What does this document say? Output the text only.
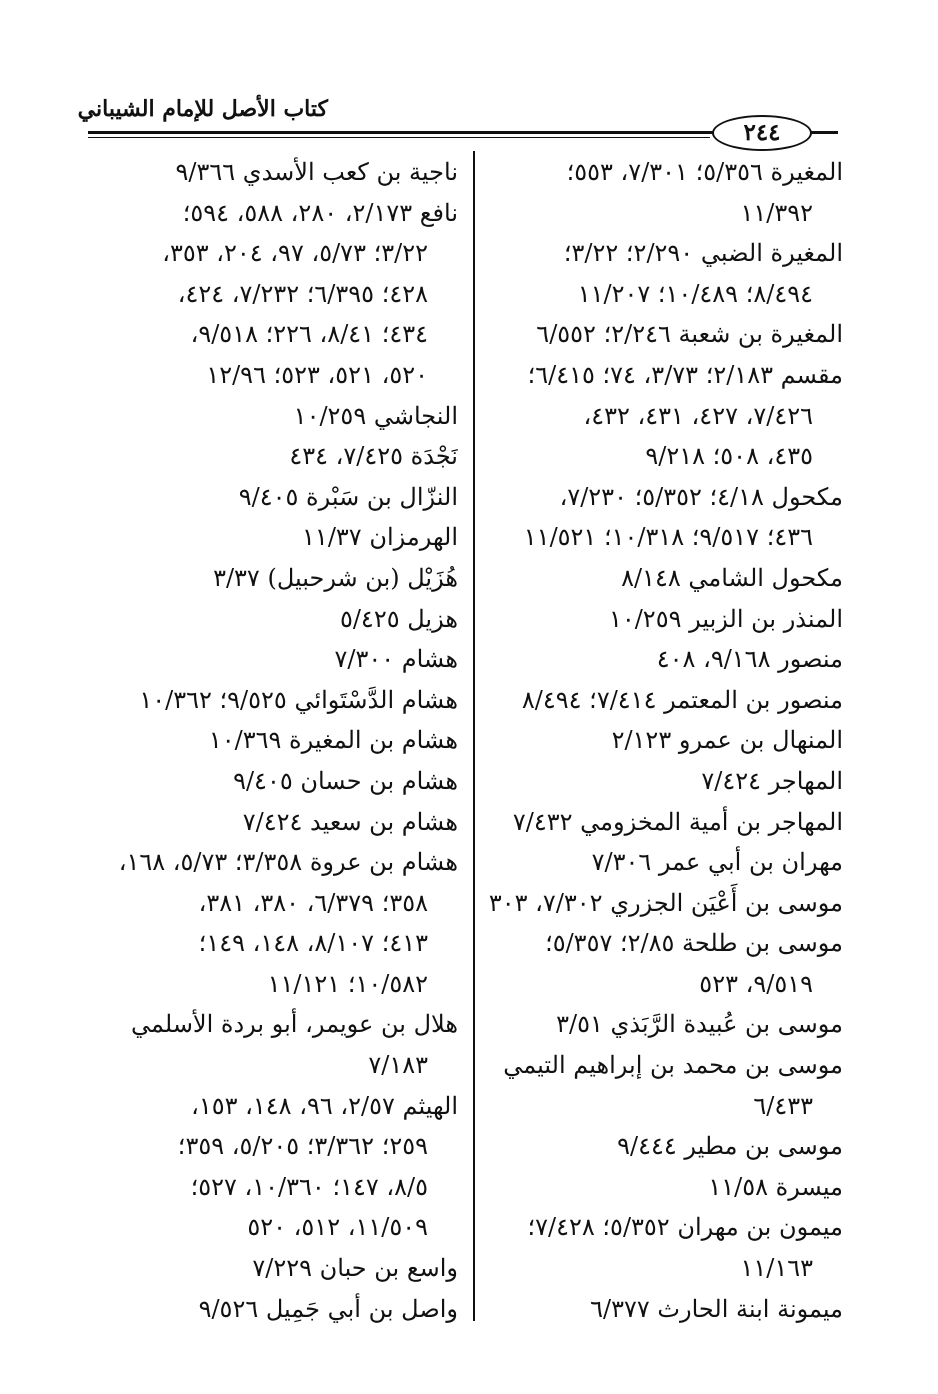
كتاب الأصل للإمام الشيباني
٢٤٤
المغيرة ٥/٣٥٦؛ ٧/٣٠١، ٥٥٣؛
١١/٣٩٢
المغيرة الضبي ٢/٢٩٠؛ ٣/٢٢؛
٨/٤٩٤؛ ١٠/٤٨٩؛ ١١/٢٠٧
المغيرة بن شعبة ٢/٢٤٦؛ ٦/٥٥٢
مقسم ٢/١٨٣؛ ٣/٧٣، ٧٤؛ ٦/٤١٥؛
٧/٤٢٦، ٤٢٧، ٤٣١، ٤٣٢،
٤٣٥، ٥٠٨؛ ٩/٢١٨
مكحول ٤/١٨؛ ٥/٣٥٢؛ ٧/٢٣٠،
٤٣٦؛ ٩/٥١٧؛ ١٠/٣١٨؛ ١١/٥٢١
مكحول الشامي ٨/١٤٨
المنذر بن الزبير ١٠/٢٥٩
منصور ٩/١٦٨، ٤٠٨
منصور بن المعتمر ٧/٤١٤؛ ٨/٤٩٤
المنهال بن عمرو ٢/١٢٣
المهاجر ٧/٤٢٤
المهاجر بن أمية المخزومي ٧/٤٣٢
مهران بن أبي عمر ٧/٣٠٦
موسى بن أَعْيَن الجزري ٧/٣٠٢، ٣٠٣
موسى بن طلحة ٢/٨٥؛ ٥/٣٥٧؛
٩/٥١٩، ٥٢٣
موسى بن عُبيدة الرَّبَذي ٣/٥١
موسى بن محمد بن إبراهيم التيمي
٦/٤٣٣
موسى بن مطير ٩/٤٤٤
ميسرة ١١/٥٨
ميمون بن مهران ٥/٣٥٢؛ ٧/٤٢٨؛
١١/١٦٣
ميمونة ابنة الحارث ٦/٣٧٧
ناجية بن كعب الأسدي ٩/٣٦٦
نافع ٢/١٧٣، ٢٨٠، ٥٨٨، ٥٩٤؛
٣/٢٢؛ ٥/٧٣، ٩٧، ٢٠٤، ٣٥٣،
٤٢٨؛ ٦/٣٩٥؛ ٧/٢٣٢، ٤٢٤،
٤٣٤؛ ٨/٤١، ٢٢٦؛ ٩/٥١٨،
٥٢٠، ٥٢١، ٥٢٣؛ ١٢/٩٦
النجاشي ١٠/٢٥٩
نَجْدَة ٧/٤٢٥، ٤٣٤
النزّال بن سَبْرة ٩/٤٠٥
الهرمزان ١١/٣٧
هُزَيْل (بن شرحبيل) ٣/٣٧
هزيل ٥/٤٢٥
هشام ٧/٣٠٠
هشام الدَّسْتَوائي ٩/٥٢٥؛ ١٠/٣٦٢
هشام بن المغيرة ١٠/٣٦٩
هشام بن حسان ٩/٤٠٥
هشام بن سعيد ٧/٤٢٤
هشام بن عروة ٣/٣٥٨؛ ٥/٧٣، ١٦٨،
٣٥٨؛ ٦/٣٧٩، ٣٨٠، ٣٨١،
٤١٣؛ ٨/١٠٧، ١٤٨، ١٤٩؛
١٠/٥٨٢؛ ١١/١٢١
هلال بن عويمر، أبو بردة الأسلمي
٧/١٨٣
الهيثم ٢/٥٧، ٩٦، ١٤٨، ١٥٣،
٢٥٩؛ ٣/٣٦٢؛ ٥/٢٠٥، ٣٥٩؛
٨/٥، ١٤٧؛ ١٠/٣٦٠، ٥٢٧؛
١١/٥٠٩، ٥١٢، ٥٢٠
واسع بن حبان ٧/٢٢٩
واصل بن أبي جَمِيل ٩/٥٢٦
